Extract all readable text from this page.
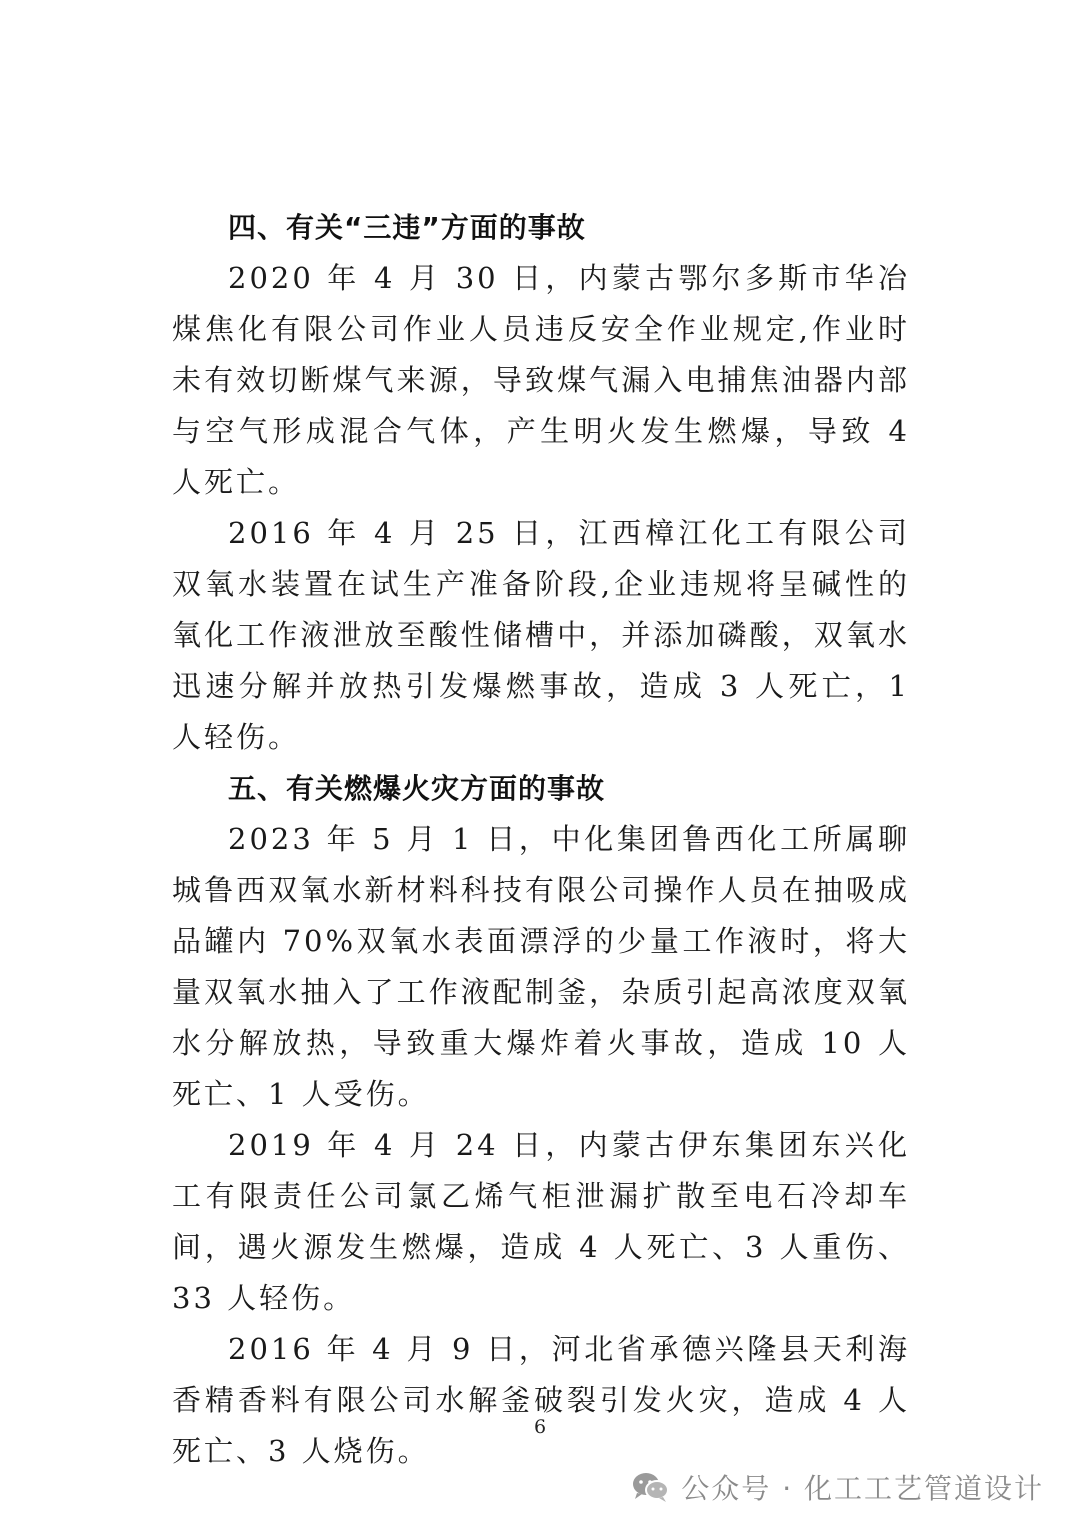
四、有关“三违”方面的事故

2020 年 4 月 30 日，内蒙古鄂尔多斯市华冶煤焦化有限公司作业人员违反安全作业规定,作业时未有效切断煤气来源，导致煤气漏入电捕焦油器内部与空气形成混合气体，产生明火发生燃爆，导致 4 人死亡。

2016 年 4 月 25 日，江西樟江化工有限公司双氧水装置在试生产准备阶段,企业违规将呈碱性的氧化工作液泄放至酸性储槽中，并添加磷酸，双氧水迅速分解并放热引发爆燃事故，造成 3 人死亡，1 人轻伤。

五、有关燃爆火灾方面的事故

2023 年 5 月 1 日，中化集团鲁西化工所属聊城鲁西双氧水新材料科技有限公司操作人员在抽吸成品罐内 70%双氧水表面漂浮的少量工作液时，将大量双氧水抽入了工作液配制釜，杂质引起高浓度双氧水分解放热，导致重大爆炸着火事故，造成 10 人死亡、1 人受伤。

2019 年 4 月 24 日，内蒙古伊东集团东兴化工有限责任公司氯乙烯气柜泄漏扩散至电石冷却车间，遇火源发生燃爆，造成 4 人死亡、3 人重伤、33 人轻伤。

2016 年 4 月 9 日，河北省承德兴隆县天利海香精香料有限公司水解釜破裂引发火灾，造成 4 人死亡、3 人烧伤。

6
公众号 · 化工工艺管道设计
